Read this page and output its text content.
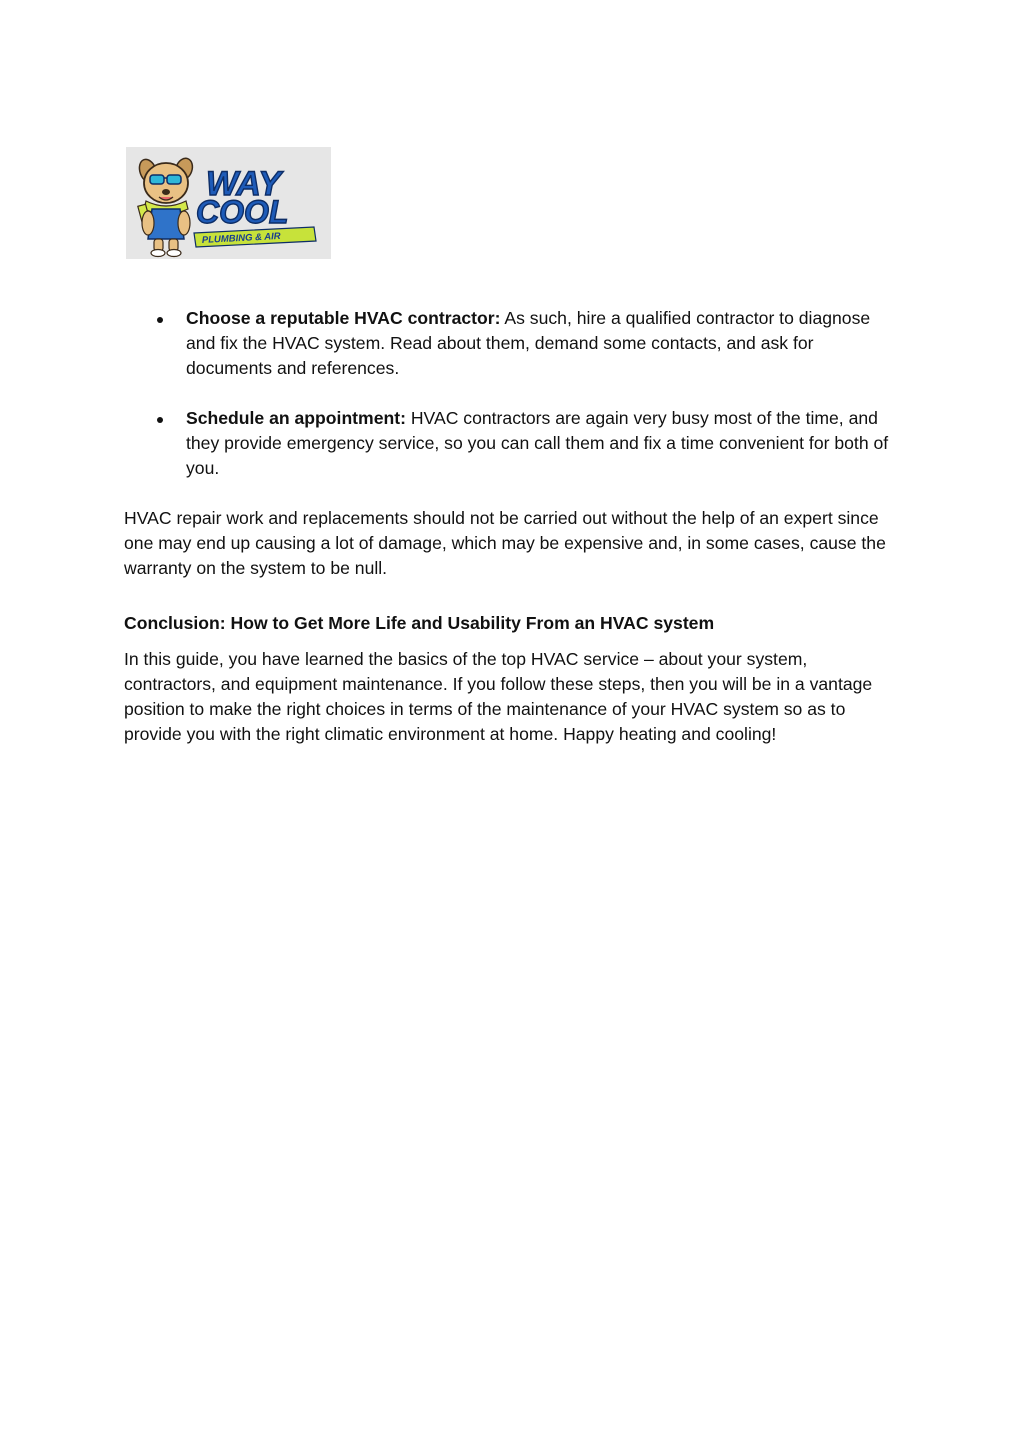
WAY
COOL
PLUMBING & AIR
Choose a reputable HVAC contractor: As such, hire a qualified contractor to diagnose and fix the HVAC system. Read about them, demand some contacts, and ask for documents and references.
Schedule an appointment: HVAC contractors are again very busy most of the time, and they provide emergency service, so you can call them and fix a time convenient for both of you.

HVAC repair work and replacements should not be carried out without the help of an expert since one may end up causing a lot of damage, which may be expensive and, in some cases, cause the warranty on the system to be null.

Conclusion: How to Get More Life and Usability From an HVAC system

In this guide, you have learned the basics of the top HVAC service – about your system, contractors, and equipment maintenance. If you follow these steps, then you will be in a vantage position to make the right choices in terms of the maintenance of your HVAC system so as to provide you with the right climatic environment at home. Happy heating and cooling!
